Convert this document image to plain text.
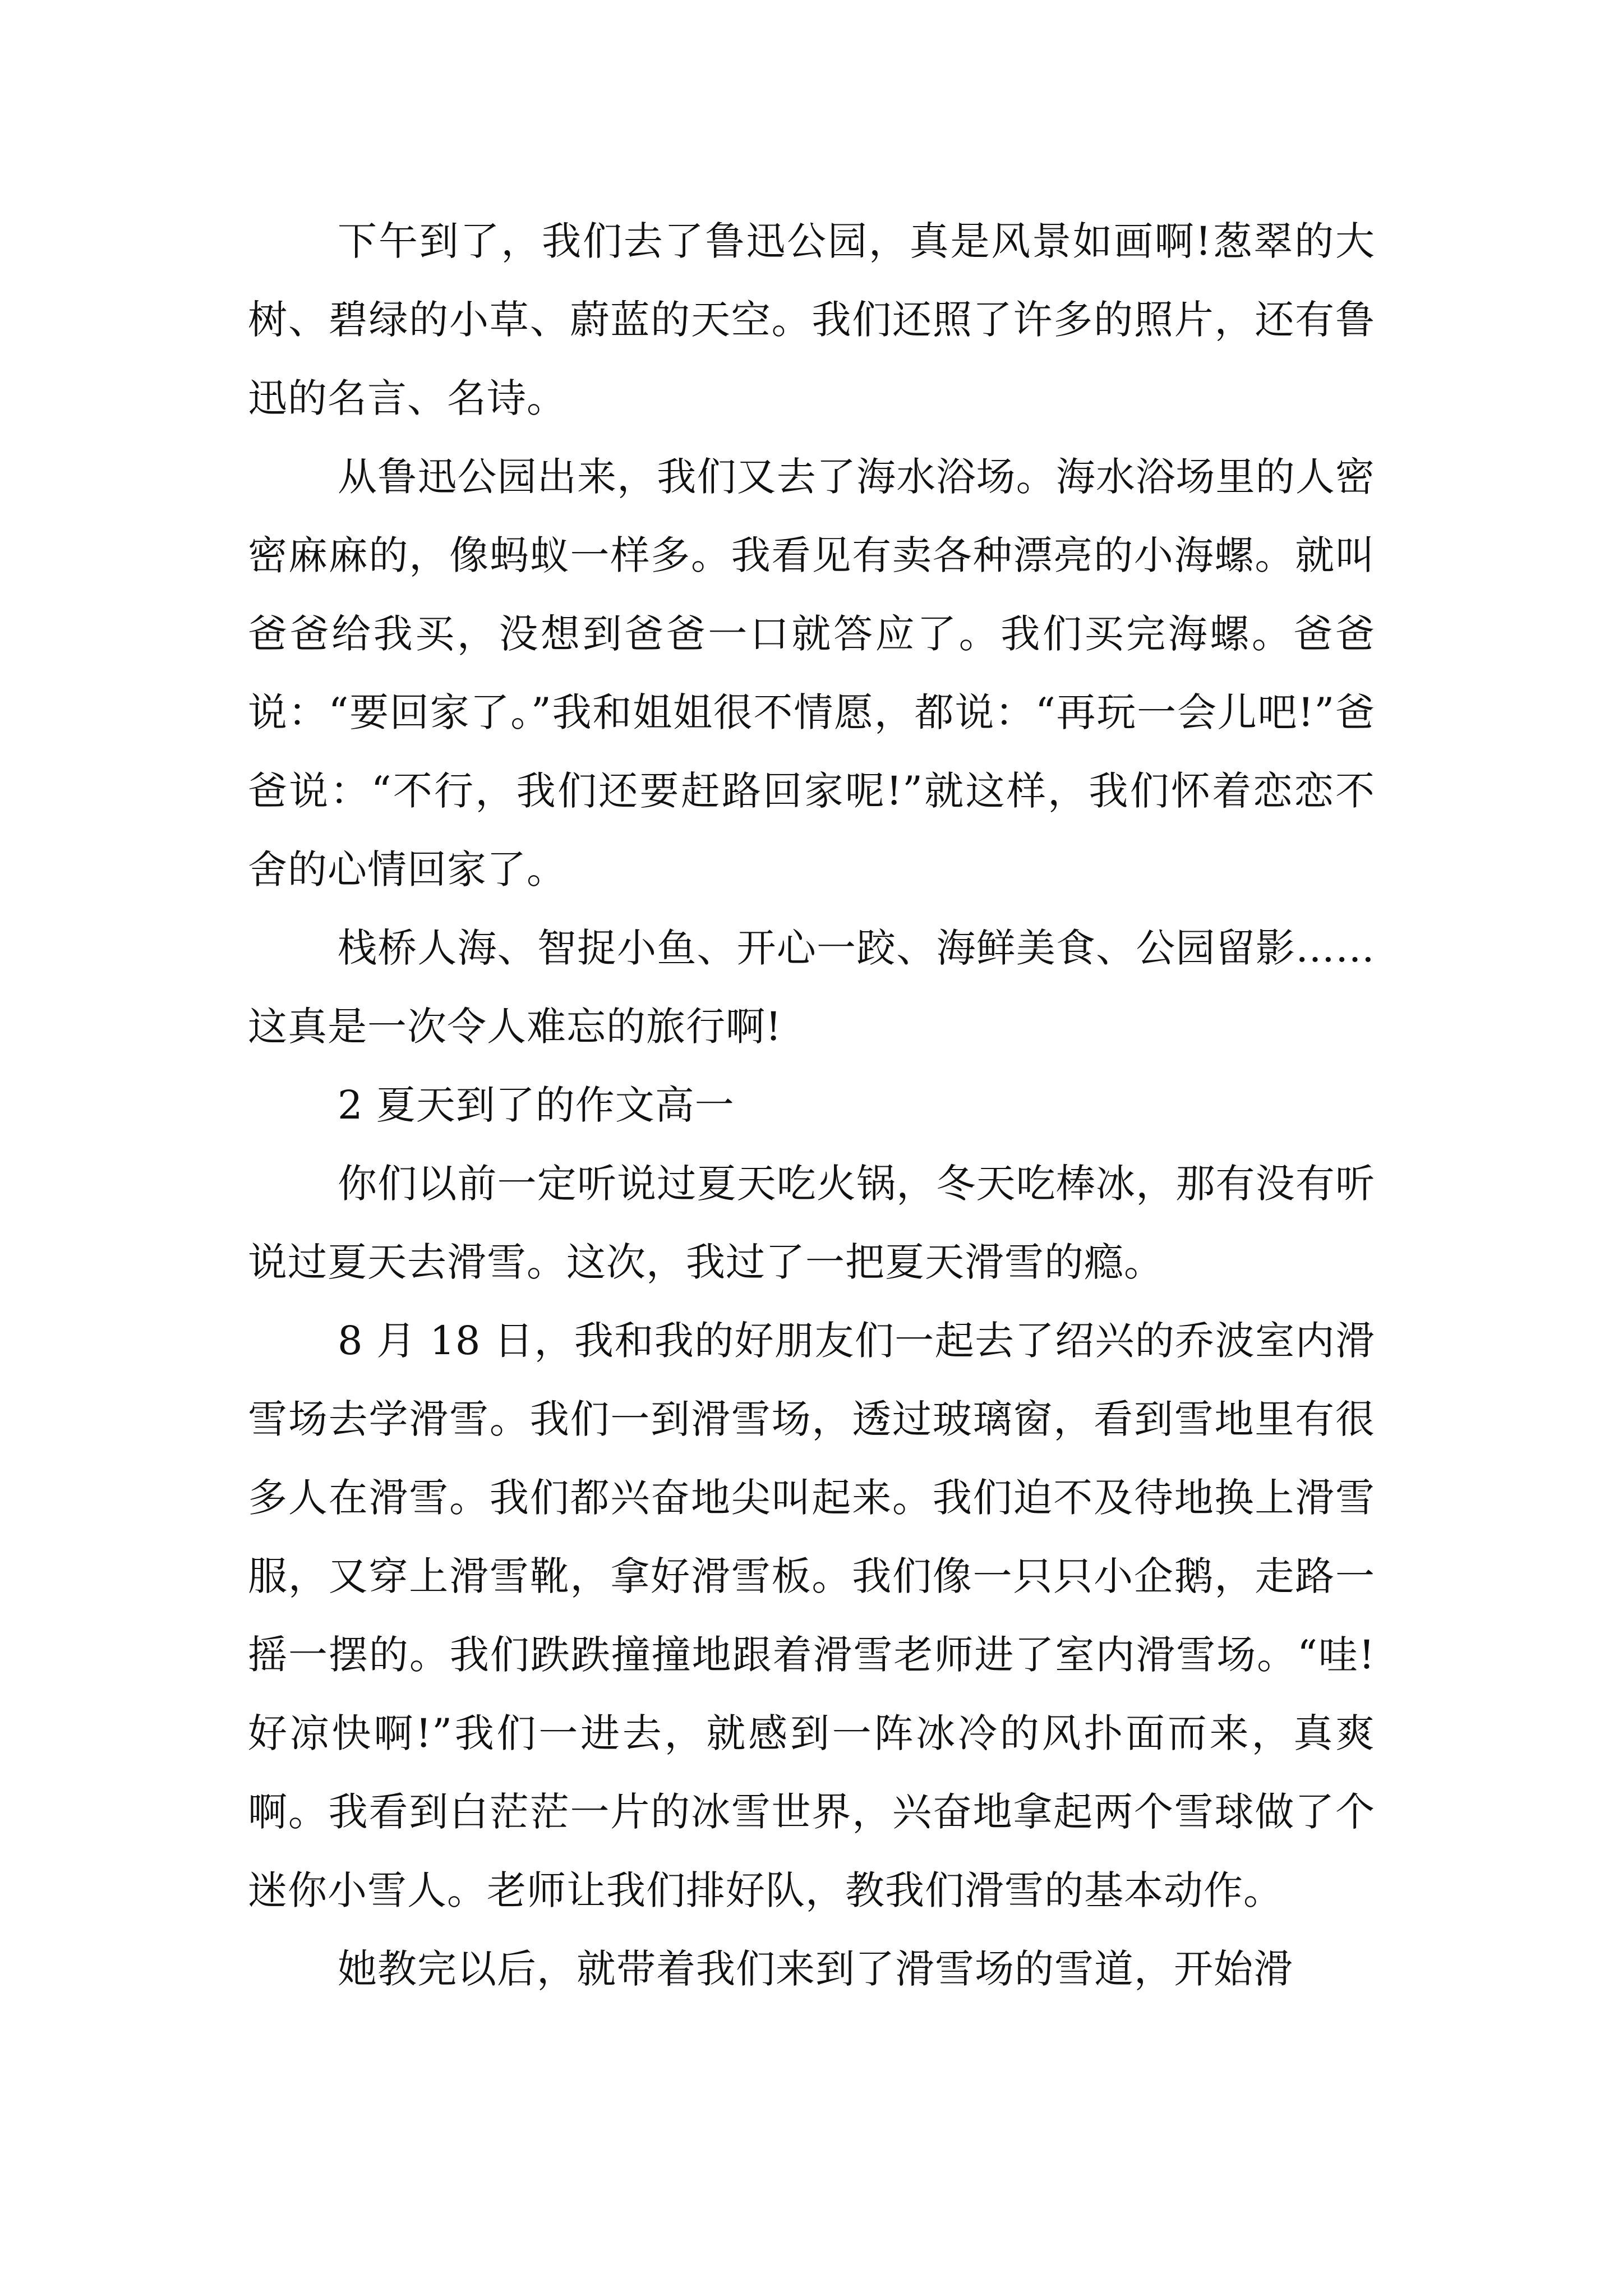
下午到了，我们去了鲁迅公园，真是风景如画啊!葱翠的大树、碧绿的小草、蔚蓝的天空。我们还照了许多的照片，还有鲁迅的名言、名诗。

从鲁迅公园出来，我们又去了海水浴场。海水浴场里的人密密麻麻的，像蚂蚁一样多。我看见有卖各种漂亮的小海螺。就叫爸爸给我买，没想到爸爸一口就答应了。我们买完海螺。爸爸说：“要回家了。”我和姐姐很不情愿，都说：“再玩一会儿吧!”爸爸说：“不行，我们还要赶路回家呢!”就这样，我们怀着恋恋不舍的心情回家了。

栈桥人海、智捉小鱼、开心一跤、海鲜美食、公园留影……这真是一次令人难忘的旅行啊!

2 夏天到了的作文高一

你们以前一定听说过夏天吃火锅，冬天吃棒冰，那有没有听说过夏天去滑雪。这次，我过了一把夏天滑雪的瘾。

8 月 18 日，我和我的好朋友们一起去了绍兴的乔波室内滑雪场去学滑雪。我们一到滑雪场，透过玻璃窗，看到雪地里有很多人在滑雪。我们都兴奋地尖叫起来。我们迫不及待地换上滑雪服，又穿上滑雪靴，拿好滑雪板。我们像一只只小企鹅，走路一摇一摆的。我们跌跌撞撞地跟着滑雪老师进了室内滑雪场。“哇!好凉快啊!”我们一进去，就感到一阵冰冷的风扑面而来，真爽啊。我看到白茫茫一片的冰雪世界，兴奋地拿起两个雪球做了个迷你小雪人。老师让我们排好队，教我们滑雪的基本动作。

她教完以后，就带着我们来到了滑雪场的雪道，开始滑
